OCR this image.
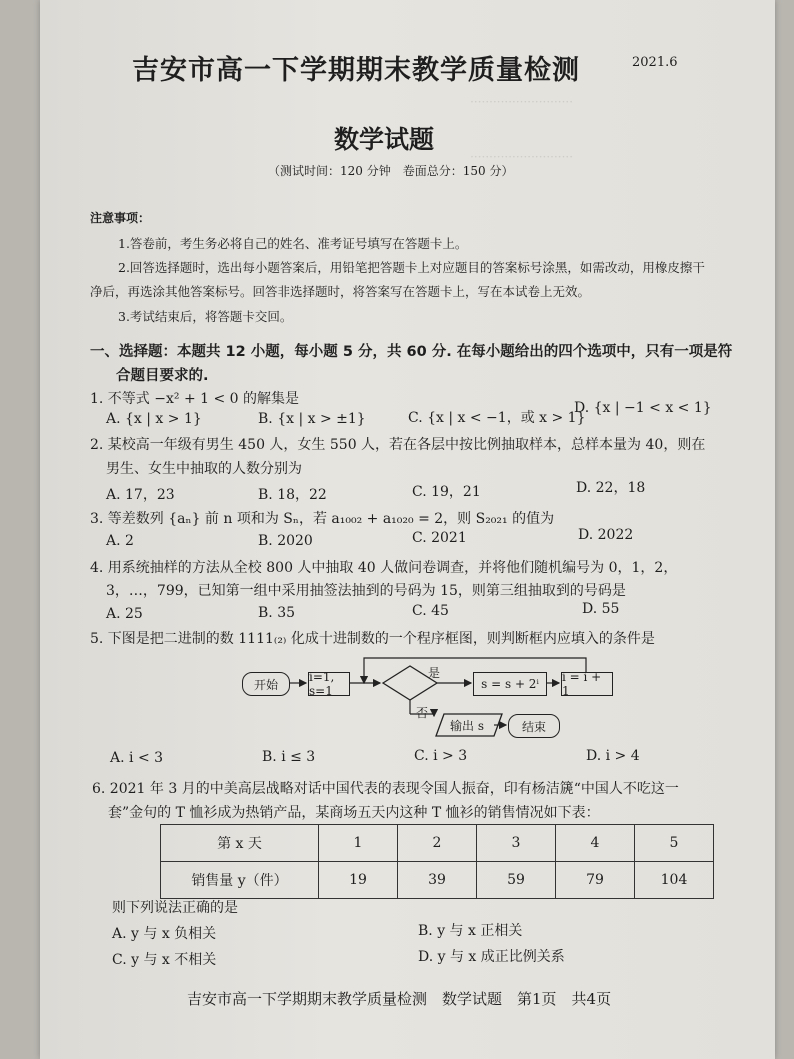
···························
···························
吉安市高一下学期期末教学质量检测	2021.6
数学试题
（测试时间：120 分钟　卷面总分：150 分）
注意事项：
1.答卷前，考生务必将自己的姓名、准考证号填写在答题卡上。
2.回答选择题时，选出每小题答案后，用铅笔把答题卡上对应题目的答案标号涂黑，如需改动，用橡皮擦干
净后，再选涂其他答案标号。回答非选择题时，将答案写在答题卡上，写在本试卷上无效。
3.考试结束后，将答题卡交回。
一、选择题：本题共 12 小题，每小题 5 分，共 60 分. 在每小题给出的四个选项中，只有一项是符
合题目要求的.
1. 不等式 −x² + 1 < 0 的解集是
A. {x | x > 1}	B. {x | x > ±1}	C. {x | x < −1，或 x > 1}
D. {x | −1 < x < 1}
2. 某校高一年级有男生 450 人，女生 550 人，若在各层中按比例抽取样本，总样本量为 40，则在
男生、女生中抽取的人数分别为
A. 17，23	B. 18，22	C. 19，21	D. 22，18
3. 等差数列 {aₙ} 前 n 项和为 Sₙ，若 a₁₀₀₂ + a₁₀₂₀ = 2，则 S₂₀₂₁ 的值为
A. 2	B. 2020	C. 2021	D. 2022
4. 用系统抽样的方法从全校 800 人中抽取 40 人做问卷调查，并将他们随机编号为 0，1，2，
3，…，799，已知第一组中采用抽签法抽到的号码为 15，则第三组抽取到的号码是
A. 25	B. 35	C. 45	D. 55
5. 下图是把二进制的数 1111₍₂₎ 化成十进制数的一个程序框图，则判断框内应填入的条件是
开始
i=1, s=1
是
否
s = s + 2ⁱ	i = i + 1
输出 s	结束
A. i < 3	B. i ≤ 3	C. i > 3	D. i > 4
6. 2021 年 3 月的中美高层战略对话中国代表的表现令国人振奋，印有杨洁篪“中国人不吃这一
套”金句的 T 恤衫成为热销产品，某商场五天内这种 T 恤衫的销售情况如下表：
第 x 天	1	2	3	4	5
销售量 y（件）	19	39	59	79	104
则下列说法正确的是
A. y 与 x 负相关	B. y 与 x 正相关
C. y 与 x 不相关	D. y 与 x 成正比例关系
吉安市高一下学期期末教学质量检测　数学试题　第1页　共4页
